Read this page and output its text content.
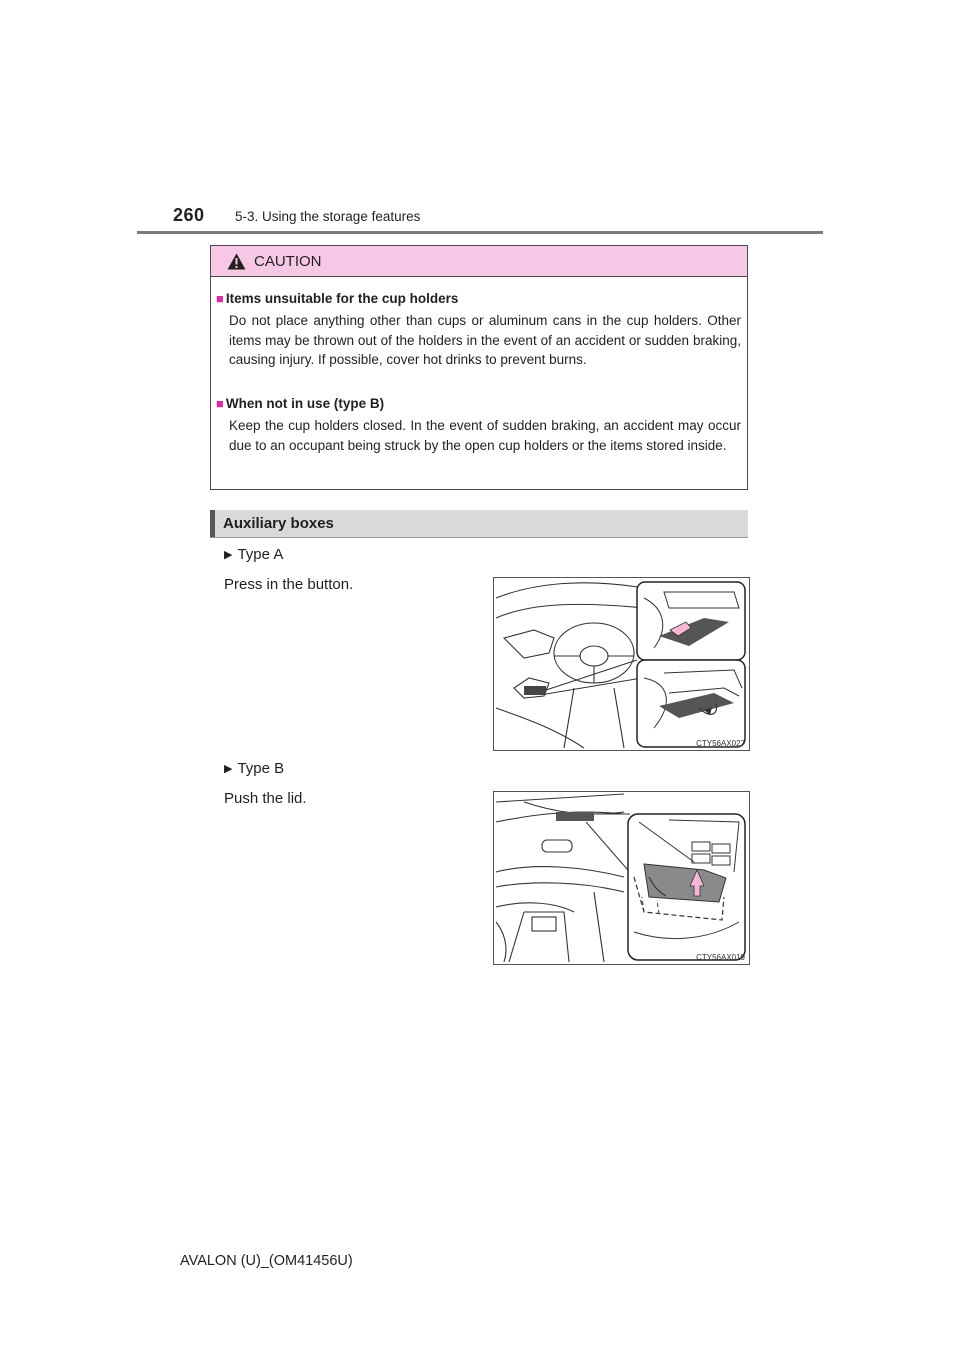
260 5-3. Using the storage features
CAUTION
■ Items unsuitable for the cup holders
Do not place anything other than cups or aluminum cans in the cup holders. Other items may be thrown out of the holders in the event of an accident or sudden braking, causing injury. If possible, cover hot drinks to prevent burns.
■ When not in use (type B)
Keep the cup holders closed. In the event of sudden braking, an accident may occur due to an occupant being struck by the open cup holders or the items stored inside.
Auxiliary boxes
▶ Type A
Press in the button.
CTY56AX027
▶ Type B
Push the lid.
CTY56AX019
AVALON (U)_(OM41456U)
